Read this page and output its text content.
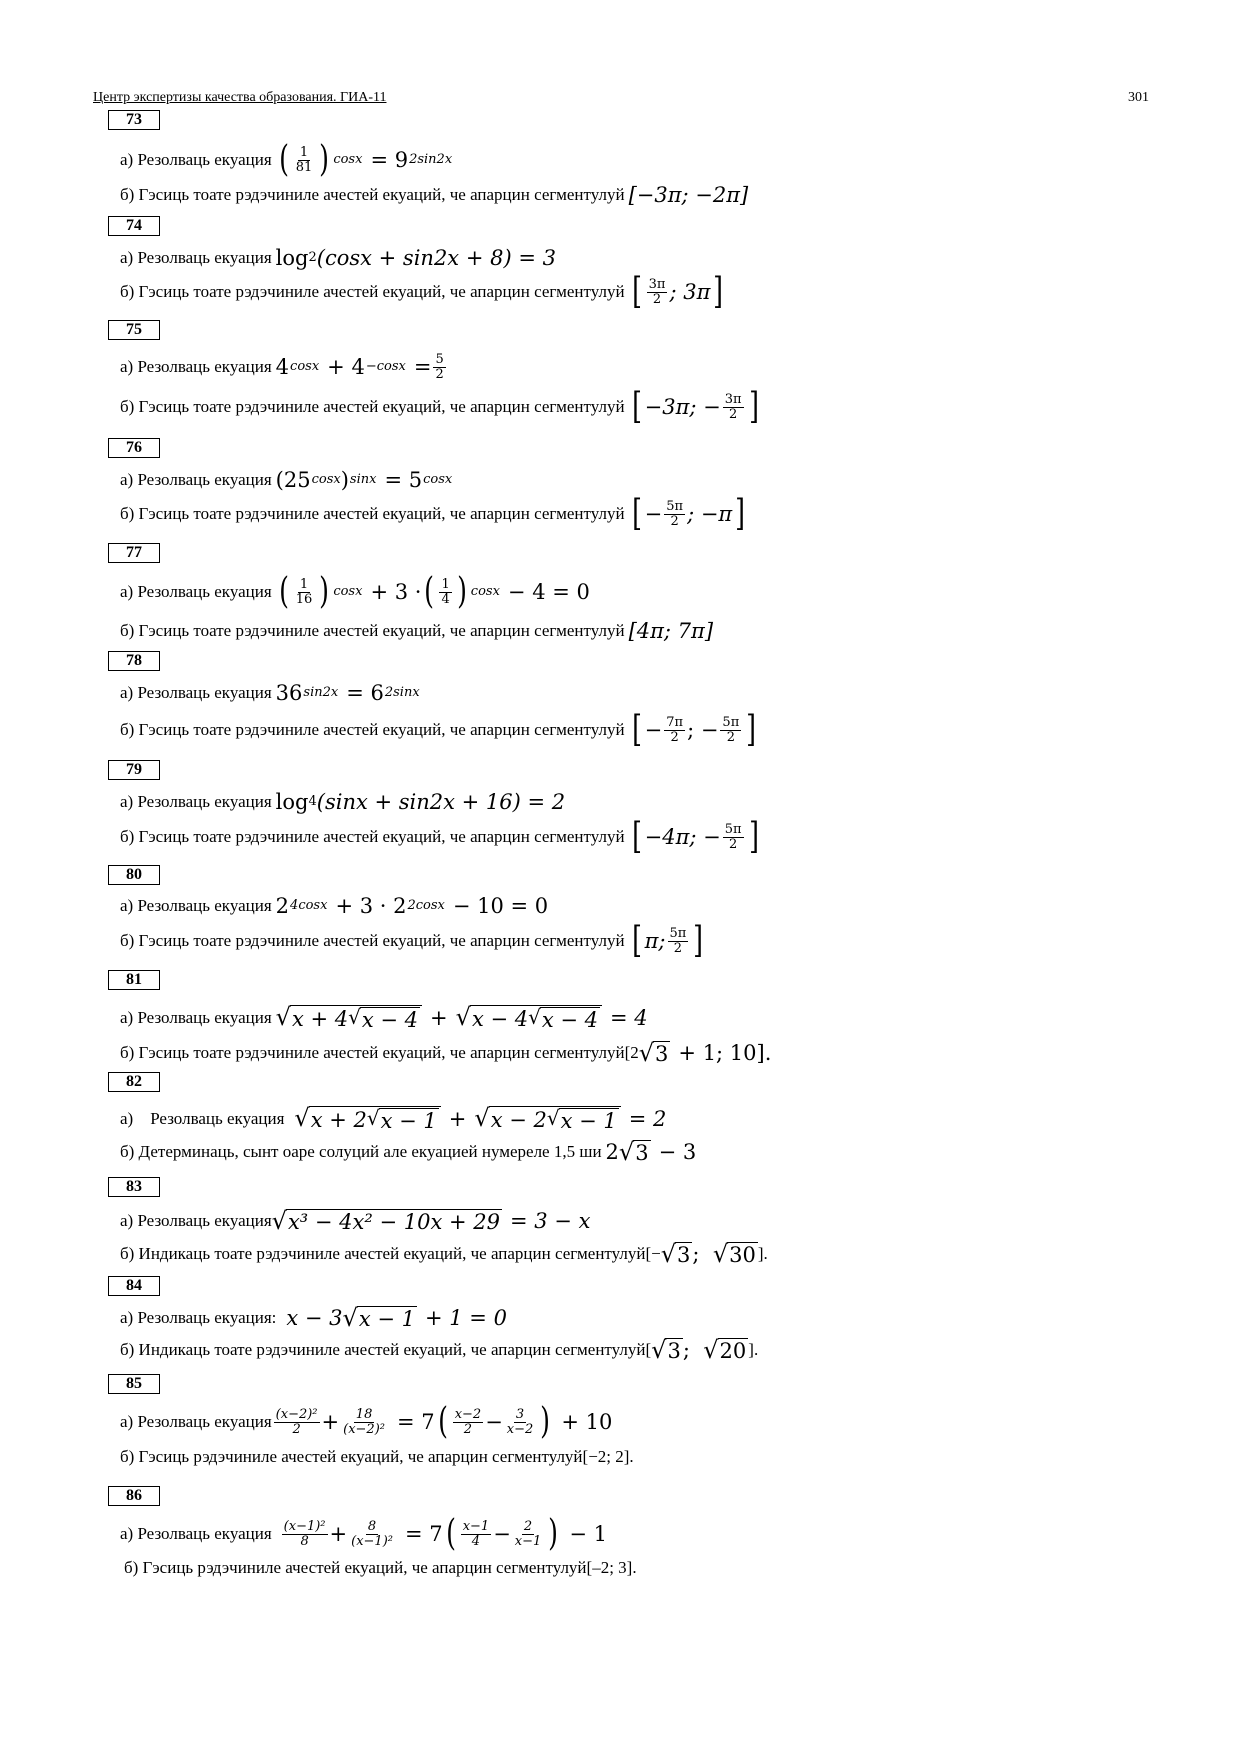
Центр экспертизы качества образования. ГИА-11	301
73
а) Резолваць екуация ( $\frac{1}{81}$ ) cosx = 9 2sin2x
б) Гэсиць тоате рэдэчиниле ачестей екуаций, че апарцин сегментулуй [−3π; −2π]
74
а) Резолваць екуация log 2 (cosx + sin2x + 8) = 3
б) Гэсиць тоате рэдэчиниле ачестей екуаций, че апарцин сегментулуй [ $\frac{3\pi}{2}$ ; 3π ]
75
а) Резолваць екуация 4 $\cos x + 4 -\cos x = \frac{5}{2}$
б) Гэсиць тоате рэдэчиниле ачестей екуаций, че апарцин сегментулуй [ −3π; − $\frac{3\pi}{2}$ ]
76
а) Резолваць екуация (25 cosx ) sinx = 5 cosx
б) Гэсиць тоате рэдэчиниле ачестей екуаций, че апарцин сегментулуй [ − $\frac{5\pi}{2}$ ; −π ]
77
а) Резолваць екуация ( $\frac{1}{16}$ ) cosx + 3 · ( $\frac{1}{4}$ ) cosx − 4 = 0
б) Гэсиць тоате рэдэчиниле ачестей екуаций, че апарцин сегментулуй [4π; 7π]
78
а) Резолваць екуация 36 sin2x = 6 2sinx
б) Гэсиць тоате рэдэчиниле ачестей екуаций, че апарцин сегментулуй [ − $\frac{7\pi}{2}$ ; − $\frac{5\pi}{2}$ ]
79
а) Резолваць екуация log 4 (sinx + sin2x + 16) = 2
б) Гэсиць тоате рэдэчиниле ачестей екуаций, че апарцин сегментулуй [ −4π; − $\frac{5\pi}{2}$ ]
80
а) Резолваць екуация 2 4cosx + 3 · 2 2cosx − 10 = 0
б) Гэсиць тоате рэдэчиниле ачестей екуаций, че апарцин сегментулуй [ π; $\frac{5\pi}{2}$ ]
81
а) Резолваць екуация √ x + 4 √ x − 4 + √ x − 4 √ x − 4 = 4
б) Гэсиць тоате рэдэчиниле ачестей екуаций, че апарцин сегментулуй [2 √ 3 + 1; 10].
82
а)    Резолваць екуация √ x + 2 √ x − 1 + √ x − 2 √ x − 1 = 2
б) Детерминаць, сынт оаре солуций але екуацией нумереле 1,5 ши 2 √ 3 − 3
83
а) Резолваць екуация √ x³ − 4x² − 10x + 29 = 3 − x
б) Индикаць тоате рэдэчиниле ачестей екуаций, че апарцин сегментулуй [− √ 3 ; √ 30 ].
84
а) Резолваць екуация: x − 3 √ x − 1 + 1 = 0
б) Индикаць тоате рэдэчиниле ачестей екуаций, че апарцин сегментулуй [ √ 3 ; √ 20 ].
85
а) Резолваць екуация $\frac{\text{(x−2)²}}{2} + \frac{18}{\text{(x−2)²}} = 7$ ( $\frac{x-2}{2} - \frac{3}{x-2}$ ) + 10
б) Гэсиць рэдэчиниле ачестей екуаций, че апарцин сегментулуй [−2; 2].
86
а) Резолваць екуация $\frac{\text{(x−1)²}}{8} + \frac{8}{\text{(x−1)²}} = 7$ ( $\frac{x-1}{4} - \frac{2}{x-1}$ ) − 1
б) Гэсиць рэдэчиниле ачестей екуаций, че апарцин сегментулуй [–2; 3].
